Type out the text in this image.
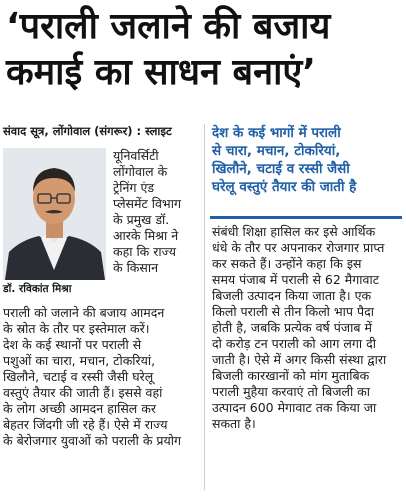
‘पराली जलाने की बजाय
कमाई का साधन बनाएं’
संवाद सूत्र, लोंगोवाल (संगरूर) : स्लाइट
डॉ. रविकांत मिश्रा
यूनिवर्सिटी
लोंगोवाल के
ट्रेनिंग एंड
प्लेसमेंट विभाग
के प्रमुख डॉ.
आरके मिश्रा ने
कहा कि राज्य
के किसान
पराली को जलाने की बजाय आमदन
के स्रोत के तौर पर इस्तेमाल करें।
देश के कई स्थानों पर पराली से
पशुओं का चारा, मचान, टोकरियां,
खिलौने, चटाई व रस्सी जैसी घरेलू
वस्तुएं तैयार की जाती हैं। इससे वहां
के लोग अच्छी आमदन हासिल कर
बेहतर जिंदगी जी रहे हैं। ऐसे में राज्य
के बेरोजगार युवाओं को पराली के प्रयोग
देश के कई भागों में पराली
से चारा, मचान, टोकरियां,
खिलौने, चटाई व रस्सी जैसी
घरेलू वस्तुएं तैयार की जाती है
संबंधी शिक्षा हासिल कर इसे आर्थिक
धंधे के तौर पर अपनाकर रोजगार प्राप्त
कर सकते हैं। उन्होंने कहा कि इस
समय पंजाब में पराली से 62 मैगावाट
बिजली उत्पादन किया जाता है। एक
किलो पराली से तीन किलो भाप पैदा
होती है, जबकि प्रत्येक वर्ष पंजाब में
दो करोड़ टन पराली को आग लगा दी
जाती है। ऐसे में अगर किसी संस्था द्वारा
बिजली कारखानों को मांग मुताबिक
पराली मुहैया करवाएं तो बिजली का
उत्पादन 600 मेगावाट तक किया जा
सकता है।
